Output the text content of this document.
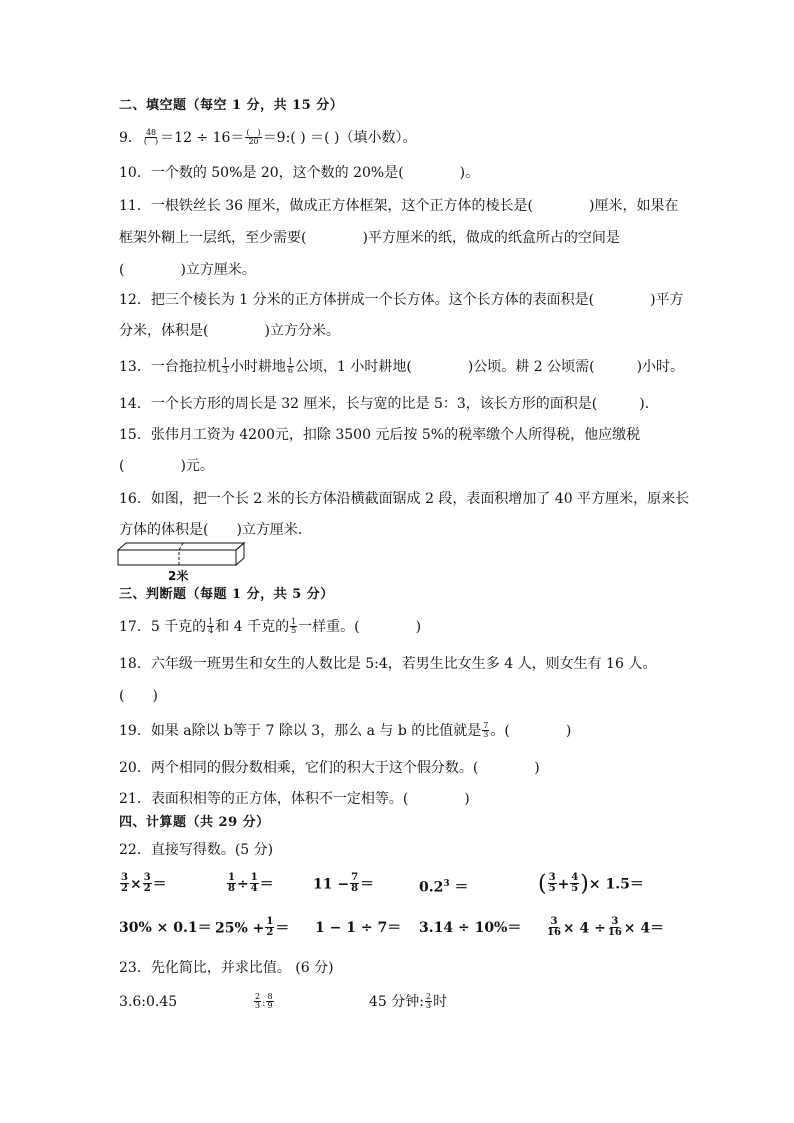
二、填空题（每空 1 分，共 15 分）
9． $\frac{48}{( )} =12 \div 16= \frac{( )}{20}$ ＝9:( ) ＝( )（填小数）。
10．一个数的 50%是 20，这个数的 20%是(　　　　)。
11．一根铁丝长 36 厘米，做成正方体框架，这个正方体的棱长是(　　　　)厘米，如果在
框架外糊上一层纸，至少需要(　　　　)平方厘米的纸，做成的纸盒所占的空间是
(　　　　)立方厘米。
12．把三个棱长为 1 分米的正方体拼成一个长方体。这个长方体的表面积是(　　　　)平方
分米，体积是(　　　　)立方分米。
13．一台拖拉机 $\frac{1}{3}$ 小时耕地 $\frac{1}{6}$ 公顷，1 小时耕地(　　　　)公顷。耕 2 公顷需(　　　)小时。
14．一个长方形的周长是 32 厘米，长与宽的比是 5：3，该长方形的面积是(　　　).
15．张伟月工资为 4200元，扣除 3500 元后按 5%的税率缴个人所得税，他应缴税
(　　　　)元。
16．如图，把一个长 2 米的长方体沿横截面锯成 2 段，表面积增加了 40 平方厘米，原来长
方体的体积是(　　)立方厘米．
2米
三、判断题（每题 1 分，共 5 分）
17．5 千克的 $\frac{1}{4}$ 和 4 千克的 $\frac{1}{5}$ 一样重。(　　　　)
18．六年级一班男生和女生的人数比是 5:4，若男生比女生多 4 人，则女生有 16 人。
(　　)
19．如果 a除以 b等于 7 除以 3，那么 a 与 b 的比值就是 $\frac{7}{3}$ 。(　　　　)
20．两个相同的假分数相乘，它们的积大于这个假分数。(　　　　)
21．表面积相等的正方体，体积不一定相等。(　　　　)
四、计算题（共 29 分）
22．直接写得数。(5 分)
$\frac{3}{2} \times \frac{3}{2}$ ＝	$\frac{1}{8} \div \frac{1}{4}$ ＝	$11 - \frac{7}{8}$ ＝	$0.2^3$ ＝	( $\frac{3}{5} + \frac{4}{5}$ )× 1.5＝
$30\% \times 0.1= 25\% + \frac{1}{2} = 1 - 1 \div 7= 3.14 \div 10\%= \frac{3}{16} \times 4 \div \frac{3}{16} \times 4=$
23．先化简比，并求比值。 (6 分)
3.6:0.45	$\frac{2}{3}$ : $\frac{8}{9}$	45 分钟: $\frac{2}{3}$ 时
